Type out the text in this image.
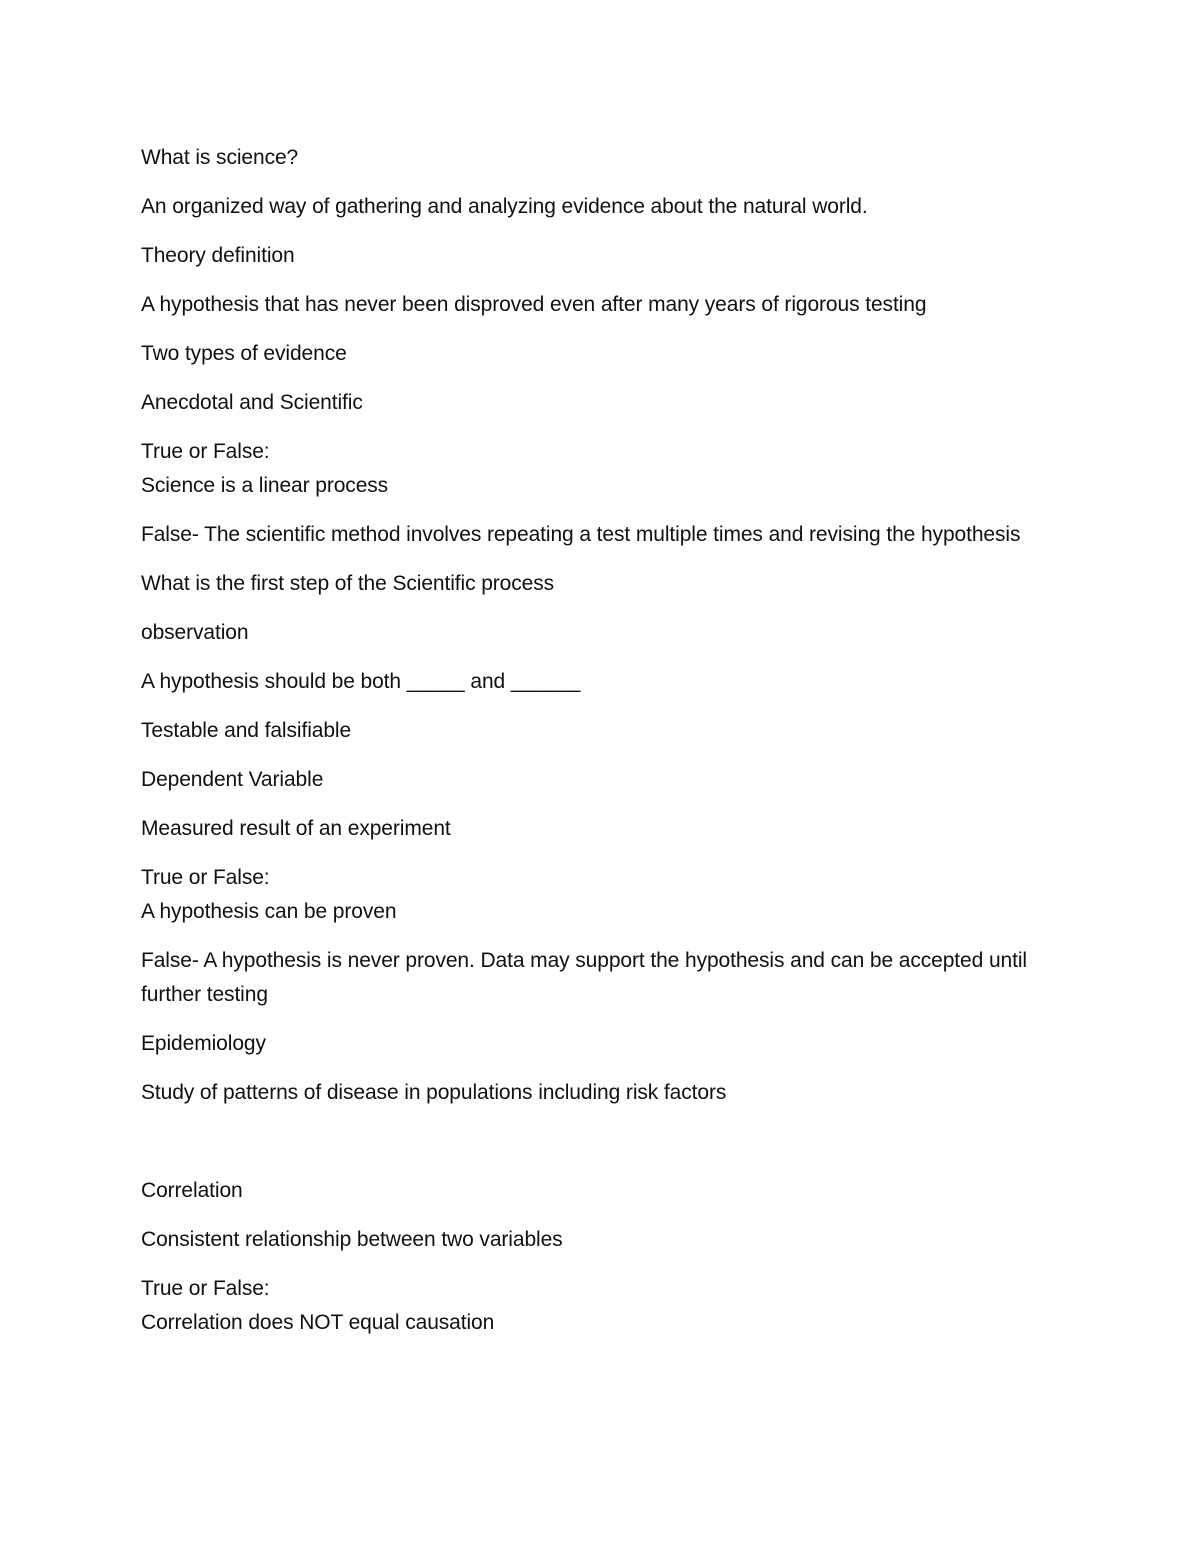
What is science?

An organized way of gathering and analyzing evidence about the natural world.

Theory definition

A hypothesis that has never been disproved even after many years of rigorous testing

Two types of evidence

Anecdotal and Scientific

True or False:
Science is a linear process

False- The scientific method involves repeating a test multiple times and revising the hypothesis

What is the first step of the Scientific process

observation

A hypothesis should be both _____ and ______

Testable and falsifiable

Dependent Variable

Measured result of an experiment

True or False:
A hypothesis can be proven

False- A hypothesis is never proven. Data may support the hypothesis and can be accepted until further testing

Epidemiology

Study of patterns of disease in populations including risk factors

Correlation

Consistent relationship between two variables

True or False:
Correlation does NOT equal causation
